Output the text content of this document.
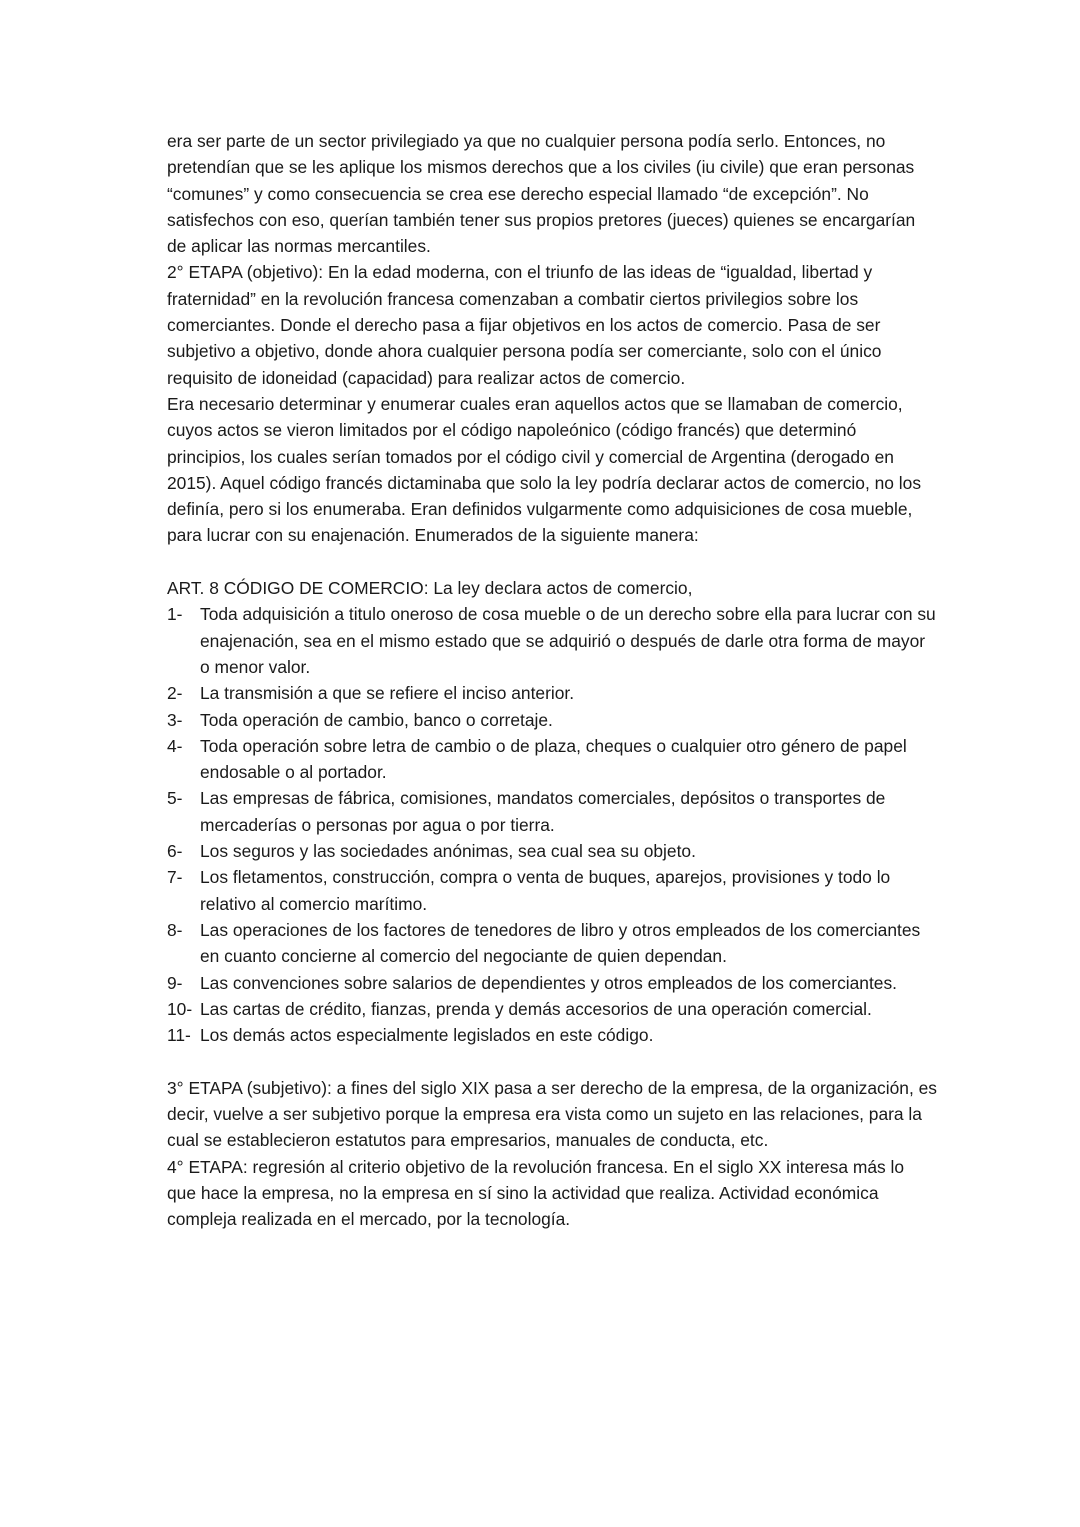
era ser parte de un sector privilegiado ya que no cualquier persona podía serlo. Entonces, no pretendían que se les aplique los mismos derechos que a los civiles (iu civile) que eran personas “comunes” y como consecuencia se crea ese derecho especial llamado “de excepción”. No satisfechos con eso, querían también tener sus propios pretores (jueces) quienes se encargarían de aplicar las normas mercantiles.

2° ETAPA (objetivo): En la edad moderna, con el triunfo de las ideas de “igualdad, libertad y fraternidad” en la revolución francesa comenzaban a combatir ciertos privilegios sobre los comerciantes. Donde el derecho pasa a fijar objetivos en los actos de comercio. Pasa de ser subjetivo a objetivo, donde ahora cualquier persona podía ser comerciante, solo con el único requisito de idoneidad (capacidad) para realizar actos de comercio.

Era necesario determinar y enumerar cuales eran aquellos actos que se llamaban de comercio, cuyos actos se vieron limitados por el código napoleónico (código francés) que determinó principios, los cuales serían tomados por el código civil y comercial de Argentina (derogado en 2015). Aquel código francés dictaminaba que solo la ley podría declarar actos de comercio, no los definía, pero si los enumeraba. Eran definidos vulgarmente como adquisiciones de cosa mueble, para lucrar con su enajenación. Enumerados de la siguiente manera:

ART. 8 CÓDIGO DE COMERCIO: La ley declara actos de comercio,

1-	Toda adquisición a titulo oneroso de cosa mueble o de un derecho sobre ella para lucrar con su enajenación, sea en el mismo estado que se adquirió o después de darle otra forma de mayor o menor valor.
2-	La transmisión a que se refiere el inciso anterior.
3-	Toda operación de cambio, banco o corretaje.
4-	Toda operación sobre letra de cambio o de plaza, cheques o cualquier otro género de papel endosable o al portador.
5-	Las empresas de fábrica, comisiones, mandatos comerciales, depósitos o transportes de mercaderías o personas por agua o por tierra.
6-	Los seguros y las sociedades anónimas, sea cual sea su objeto.
7-	Los fletamentos, construcción, compra o venta de buques, aparejos, provisiones y todo lo relativo al comercio marítimo.
8-	Las operaciones de los factores de tenedores de libro y otros empleados de los comerciantes en cuanto concierne al comercio del negociante de quien dependan.
9-	Las convenciones sobre salarios de dependientes y otros empleados de los comerciantes.
10- Las cartas de crédito, fianzas, prenda y demás accesorios de una operación comercial.
11- Los demás actos especialmente legislados en este código.

3° ETAPA (subjetivo): a fines del siglo XIX pasa a ser derecho de la empresa, de la organización, es decir, vuelve a ser subjetivo porque la empresa era vista como un sujeto en las relaciones, para la cual se establecieron estatutos para empresarios, manuales de conducta, etc.

4° ETAPA: regresión al criterio objetivo de la revolución francesa. En el siglo XX interesa más lo que hace la empresa, no la empresa en sí sino la actividad que realiza. Actividad económica compleja realizada en el mercado, por la tecnología.
